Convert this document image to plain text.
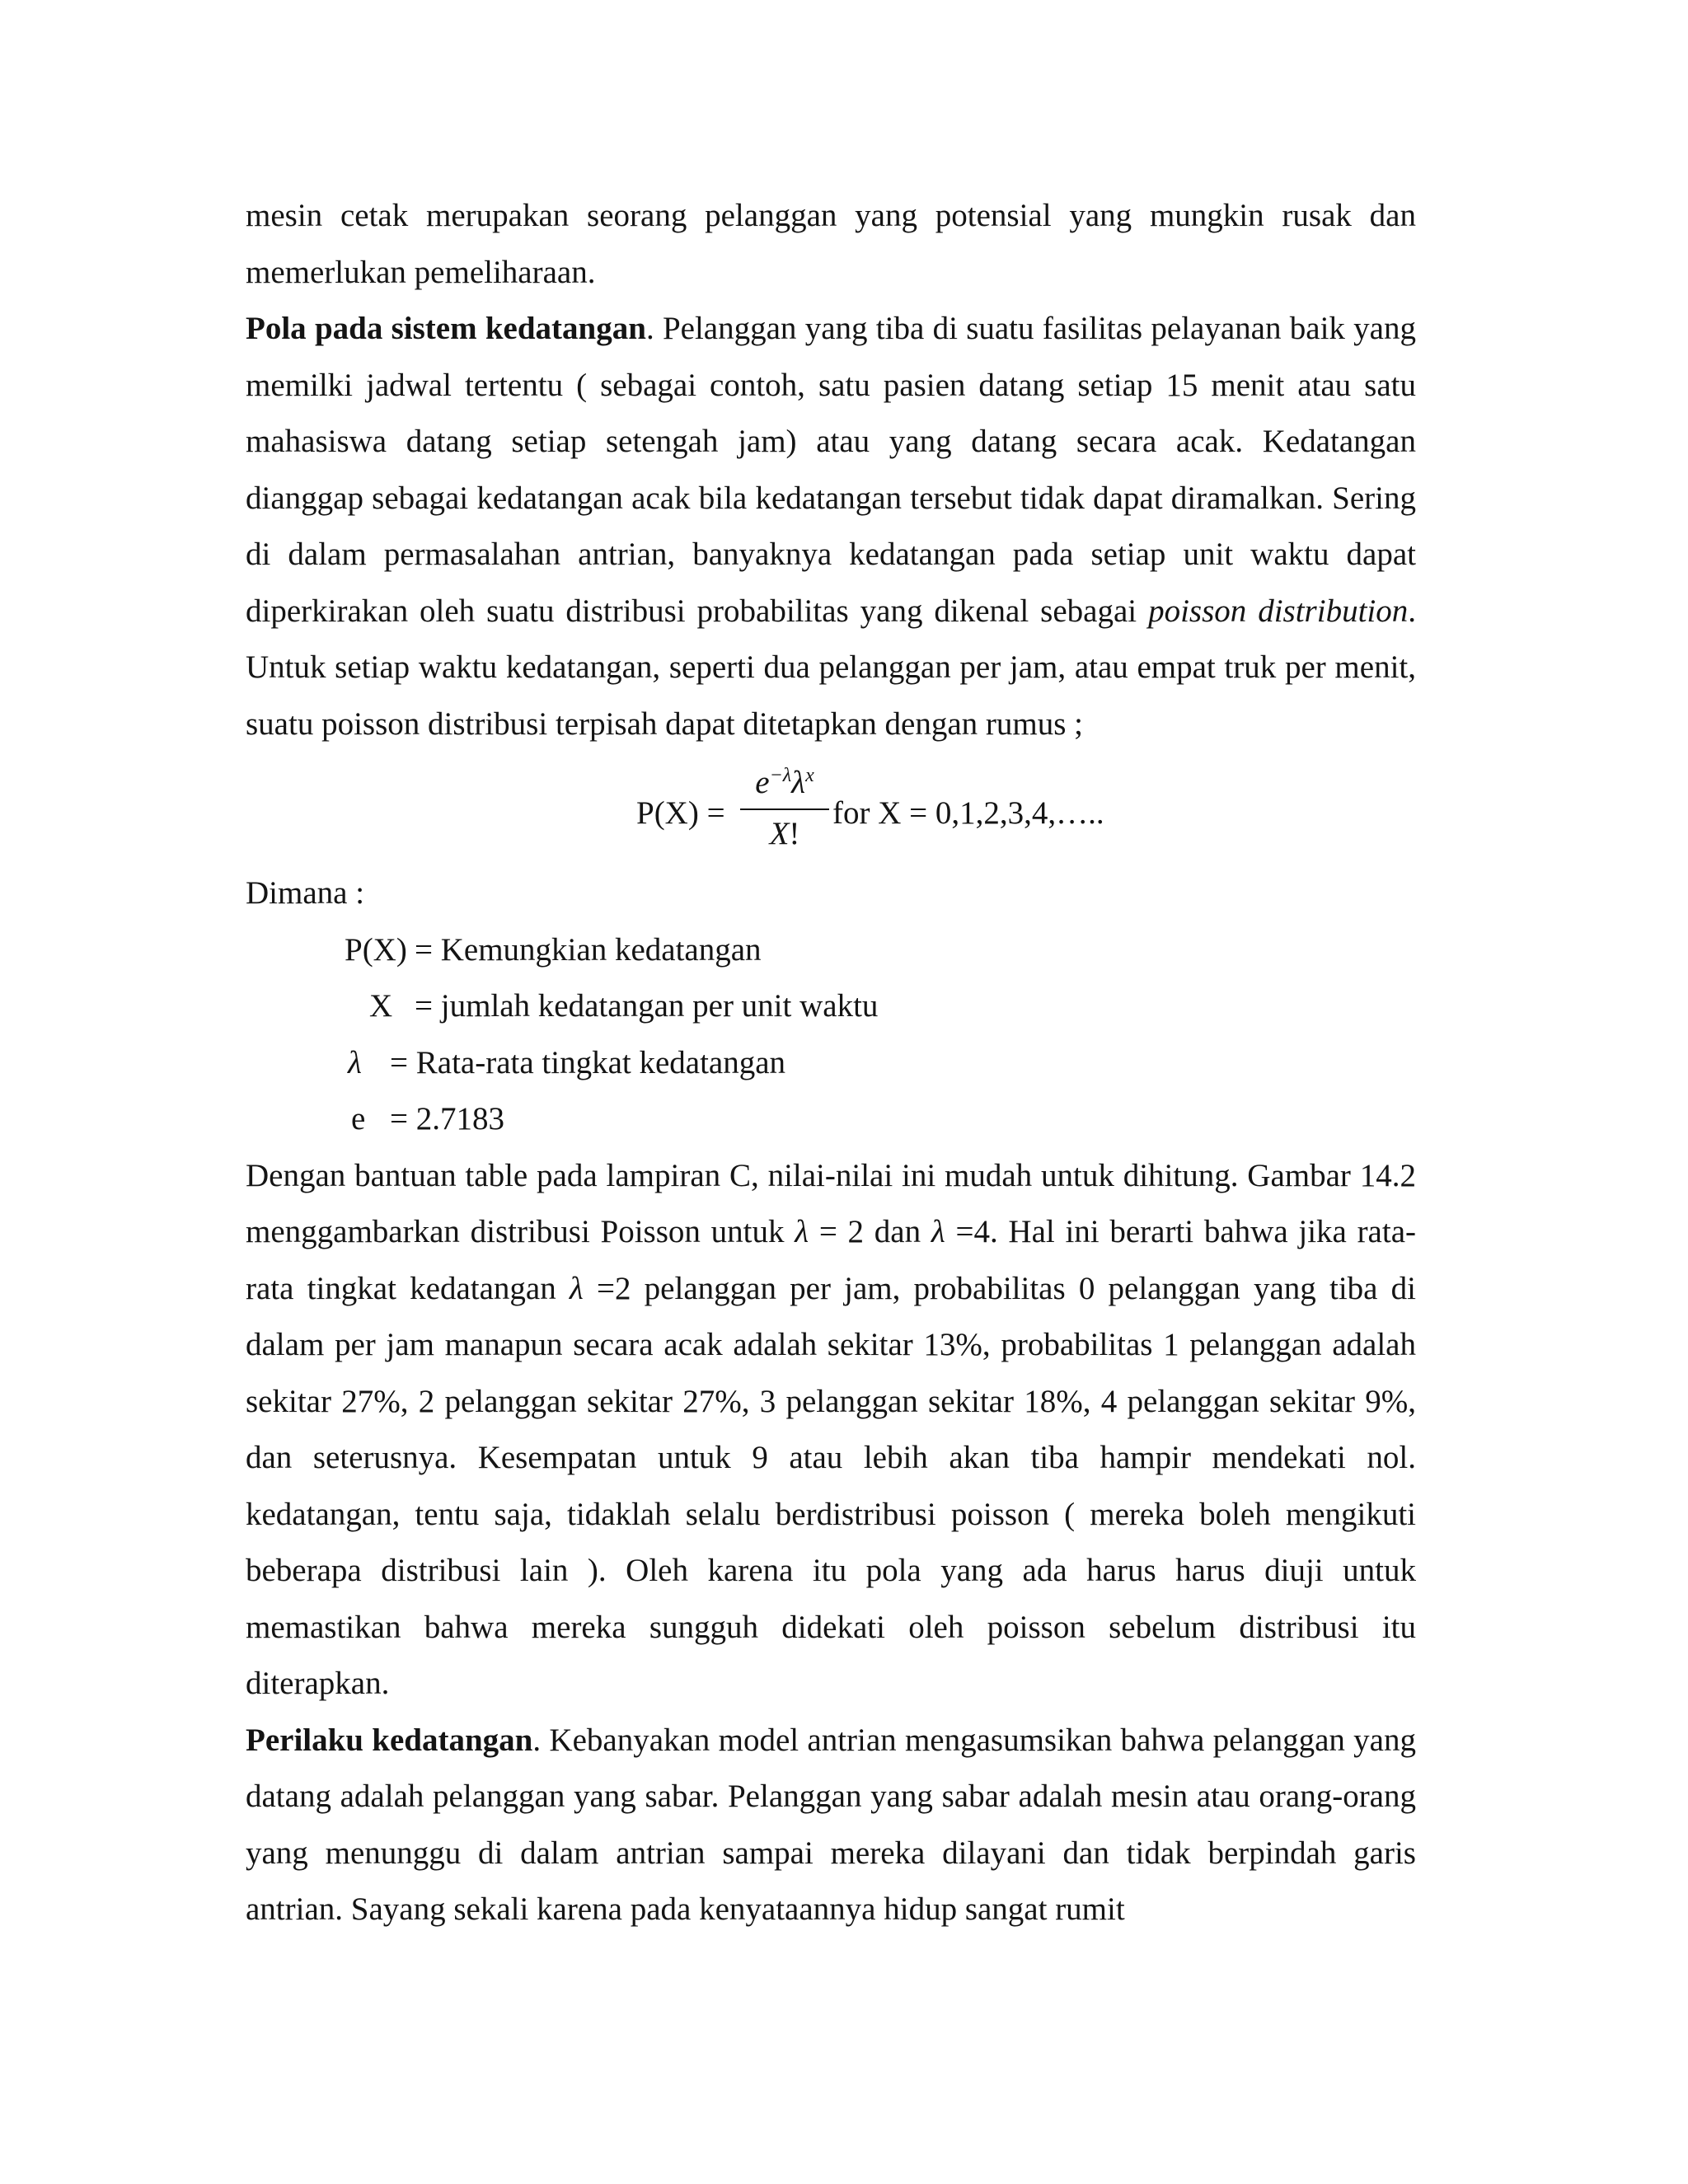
mesin cetak merupakan seorang pelanggan yang potensial yang mungkin rusak dan memerlukan pemeliharaan.

Pola pada sistem kedatangan. Pelanggan yang tiba di suatu fasilitas pelayanan baik yang memilki jadwal tertentu ( sebagai contoh, satu pasien datang setiap 15 menit atau satu mahasiswa datang setiap setengah jam) atau yang datang secara acak. Kedatangan dianggap sebagai kedatangan acak bila kedatangan tersebut tidak dapat diramalkan. Sering di dalam permasalahan antrian, banyaknya kedatangan pada setiap unit waktu dapat diperkirakan oleh suatu distribusi probabilitas yang dikenal sebagai poisson distribution. Untuk setiap waktu kedatangan, seperti dua pelanggan per jam, atau empat truk per menit, suatu poisson distribusi terpisah dapat ditetapkan dengan rumus ;

P(X) =
$e^{-\lambda}\lambda^x$
X!
for X = 0,1,2,3,4,…..

Dimana :

P(X) = Kemungkian kedatangan
X = jumlah kedatangan per unit waktu
λ = Rata-rata tingkat kedatangan
e = 2.7183

Dengan bantuan table pada lampiran C, nilai-nilai ini mudah untuk dihitung. Gambar 14.2 menggambarkan distribusi Poisson untuk λ = 2 dan λ =4. Hal ini berarti bahwa jika rata-rata tingkat kedatangan λ =2 pelanggan per jam, probabilitas 0 pelanggan yang tiba di dalam per jam manapun secara acak adalah sekitar 13%, probabilitas 1 pelanggan adalah sekitar 27%, 2 pelanggan sekitar 27%, 3 pelanggan sekitar 18%, 4 pelanggan sekitar 9%, dan seterusnya. Kesempatan untuk 9 atau lebih akan tiba hampir mendekati nol. kedatangan, tentu saja, tidaklah selalu berdistribusi poisson ( mereka boleh mengikuti beberapa distribusi lain ). Oleh karena itu pola yang ada harus harus diuji untuk memastikan bahwa mereka sungguh didekati oleh poisson sebelum distribusi itu diterapkan.

Perilaku kedatangan. Kebanyakan model antrian mengasumsikan bahwa pelanggan yang datang adalah pelanggan yang sabar. Pelanggan yang sabar adalah mesin atau orang-orang yang menunggu di dalam antrian sampai mereka dilayani dan tidak berpindah garis antrian. Sayang sekali karena pada kenyataannya hidup sangat rumit
